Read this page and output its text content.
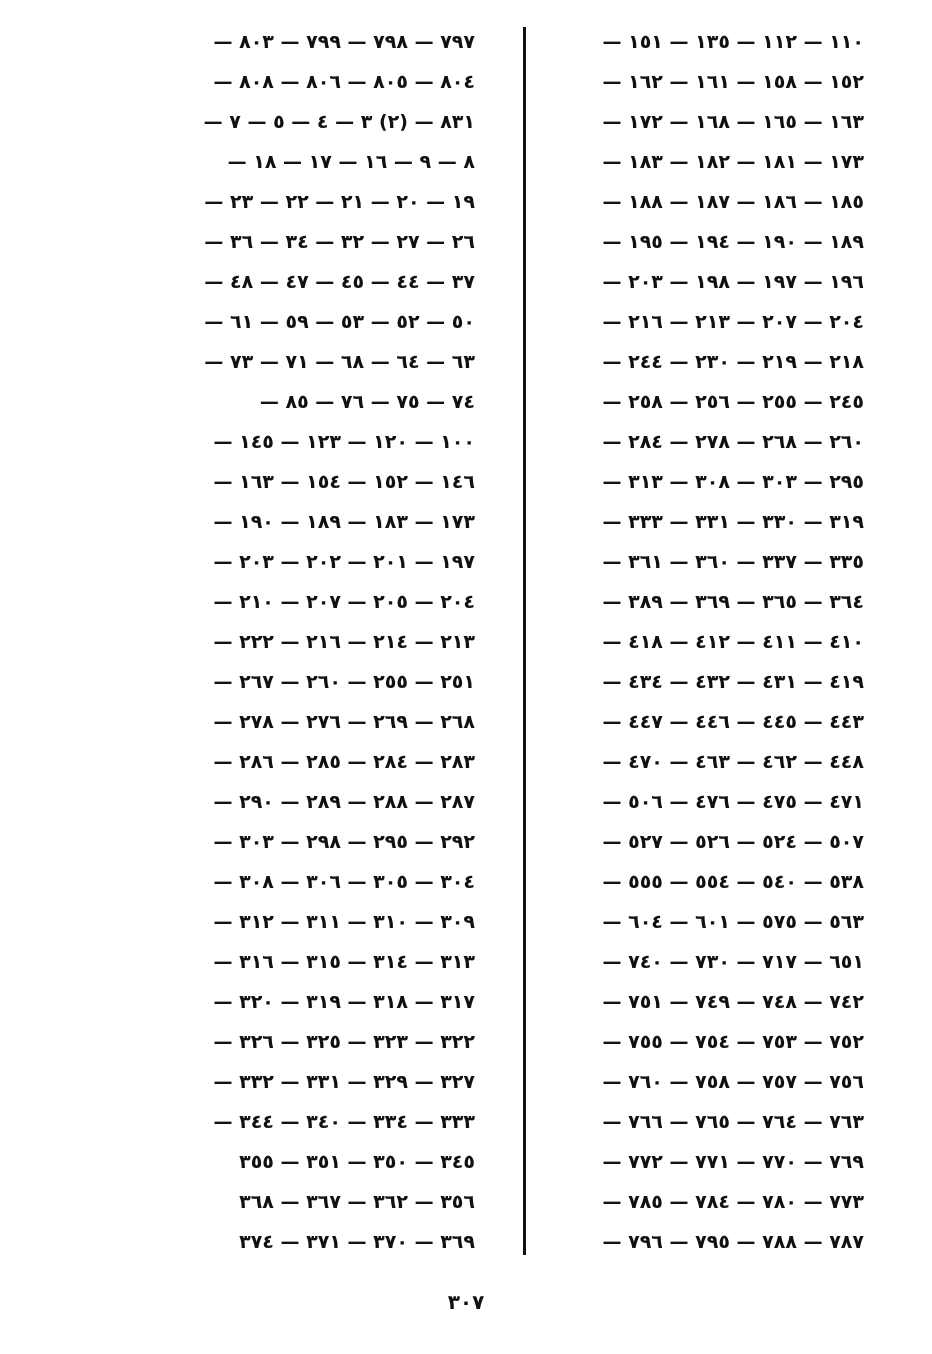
١١٠ — ١١٢ — ١٣٥ — ١٥١ —
١٥٢ — ١٥٨ — ١٦١ — ١٦٢ —
١٦٣ — ١٦٥ — ١٦٨ — ١٧٢ —
١٧٣ — ١٨١ — ١٨٢ — ١٨٣ —
١٨٥ — ١٨٦ — ١٨٧ — ١٨٨ —
١٨٩ — ١٩٠ — ١٩٤ — ١٩٥ —
١٩٦ — ١٩٧ — ١٩٨ — ٢٠٣ —
٢٠٤ — ٢٠٧ — ٢١٣ — ٢١٦ —
٢١٨ — ٢١٩ — ٢٣٠ — ٢٤٤ —
٢٤٥ — ٢٥٥ — ٢٥٦ — ٢٥٨ —
٢٦٠ — ٢٦٨ — ٢٧٨ — ٢٨٤ —
٢٩٥ — ٣٠٣ — ٣٠٨ — ٣١٣ —
٣١٩ — ٣٣٠ — ٣٣١ — ٣٣٣ —
٣٣٥ — ٣٣٧ — ٣٦٠ — ٣٦١ —
٣٦٤ — ٣٦٥ — ٣٦٩ — ٣٨٩ —
٤١٠ — ٤١١ — ٤١٢ — ٤١٨ —
٤١٩ — ٤٣١ — ٤٣٢ — ٤٣٤ —
٤٤٣ — ٤٤٥ — ٤٤٦ — ٤٤٧ —
٤٤٨ — ٤٦٢ — ٤٦٣ — ٤٧٠ —
٤٧١ — ٤٧٥ — ٤٧٦ — ٥٠٦ —
٥٠٧ — ٥٢٤ — ٥٢٦ — ٥٢٧ —
٥٣٨ — ٥٤٠ — ٥٥٤ — ٥٥٥ —
٥٦٣ — ٥٧٥ — ٦٠١ — ٦٠٤ —
٦٥١ — ٧١٧ — ٧٣٠ — ٧٤٠ —
٧٤٢ — ٧٤٨ — ٧٤٩ — ٧٥١ —
٧٥٢ — ٧٥٣ — ٧٥٤ — ٧٥٥ —
٧٥٦ — ٧٥٧ — ٧٥٨ — ٧٦٠ —
٧٦٣ — ٧٦٤ — ٧٦٥ — ٧٦٦ —
٧٦٩ — ٧٧٠ — ٧٧١ — ٧٧٢ —
٧٧٣ — ٧٨٠ — ٧٨٤ — ٧٨٥ —
٧٨٧ — ٧٨٨ — ٧٩٥ — ٧٩٦ —
٧٩٧ — ٧٩٨ — ٧٩٩ — ٨٠٣ —
٨٠٤ — ٨٠٥ — ٨٠٦ — ٨٠٨ —
٨٣١ — (٢) ٣ — ٤ — ٥ — ٧ —
٨ — ٩ — ١٦ — ١٧ — ١٨ —
١٩ — ٢٠ — ٢١ — ٢٢ — ٢٣ —
٢٦ — ٢٧ — ٣٢ — ٣٤ — ٣٦ —
٣٧ — ٤٤ — ٤٥ — ٤٧ — ٤٨ —
٥٠ — ٥٢ — ٥٣ — ٥٩ — ٦١ —
٦٣ — ٦٤ — ٦٨ — ٧١ — ٧٣ —
٧٤ — ٧٥ — ٧٦ — ٨٥ —
١٠٠ — ١٢٠ — ١٢٣ — ١٤٥ —
١٤٦ — ١٥٢ — ١٥٤ — ١٦٣ —
١٧٣ — ١٨٣ — ١٨٩ — ١٩٠ —
١٩٧ — ٢٠١ — ٢٠٢ — ٢٠٣ —
٢٠٤ — ٢٠٥ — ٢٠٧ — ٢١٠ —
٢١٣ — ٢١٤ — ٢١٦ — ٢٢٢ —
٢٥١ — ٢٥٥ — ٢٦٠ — ٢٦٧ —
٢٦٨ — ٢٦٩ — ٢٧٦ — ٢٧٨ —
٢٨٣ — ٢٨٤ — ٢٨٥ — ٢٨٦ —
٢٨٧ — ٢٨٨ — ٢٨٩ — ٢٩٠ —
٢٩٢ — ٢٩٥ — ٢٩٨ — ٣٠٣ —
٣٠٤ — ٣٠٥ — ٣٠٦ — ٣٠٨ —
٣٠٩ — ٣١٠ — ٣١١ — ٣١٢ —
٣١٣ — ٣١٤ — ٣١٥ — ٣١٦ —
٣١٧ — ٣١٨ — ٣١٩ — ٣٢٠ —
٣٢٢ — ٣٢٣ — ٣٢٥ — ٣٢٦ —
٣٢٧ — ٣٢٩ — ٣٣١ — ٣٣٢ —
٣٣٣ — ٣٣٤ — ٣٤٠ — ٣٤٤ —
٣٤٥ — ٣٥٠ — ٣٥١ — ٣٥٥
٣٥٦ — ٣٦٢ — ٣٦٧ — ٣٦٨
٣٦٩ — ٣٧٠ — ٣٧١ — ٣٧٤
٣٠٧
